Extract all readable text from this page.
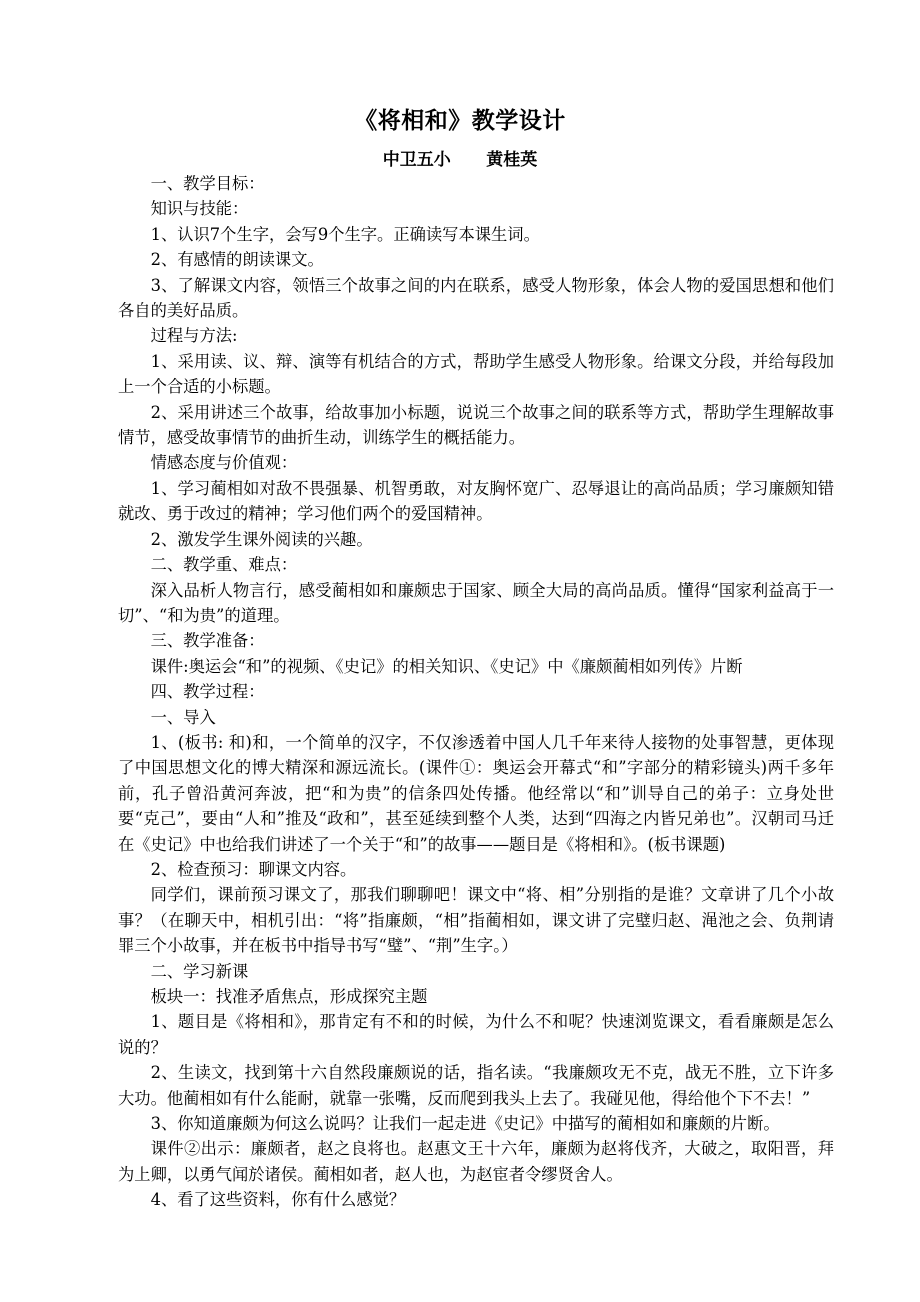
《将相和》教学设计
中卫五小      黄桂英

一、教学目标：

知识与技能：

1、认识7个生字，会写9个生字。正确读写本课生词。

2、有感情的朗读课文。

3、了解课文内容，领悟三个故事之间的内在联系，感受人物形象，体会人物的爱国思想和他们各自的美好品质。

过程与方法:

1、采用读、议、辩、演等有机结合的方式，帮助学生感受人物形象。给课文分段，并给每段加上一个合适的小标题。

2、采用讲述三个故事，给故事加小标题，说说三个故事之间的联系等方式，帮助学生理解故事情节，感受故事情节的曲折生动，训练学生的概括能力。

情感态度与价值观：

1、学习蔺相如对敌不畏强暴、机智勇敢，对友胸怀宽广、忍辱退让的高尚品质；学习廉颇知错就改、勇于改过的精神；学习他们两个的爱国精神。

2、激发学生课外阅读的兴趣。

二、教学重、难点：

深入品析人物言行，感受蔺相如和廉颇忠于国家、顾全大局的高尚品质。懂得“国家利益高于一切”、“和为贵”的道理。

三、教学准备：

课件:奥运会“和”的视频、《史记》的相关知识、《史记》中《廉颇蔺相如列传》片断

四、教学过程：

一、导入

1、(板书: 和)和，一个简单的汉字，不仅渗透着中国人几千年来待人接物的处事智慧，更体现了中国思想文化的博大精深和源远流长。(课件①：奥运会开幕式“和”字部分的精彩镜头)两千多年前，孔子曾沿黄河奔波，把“和为贵”的信条四处传播。他经常以“和”训导自己的弟子：立身处世要“克己”，要由“人和”推及“政和”，甚至延续到整个人类，达到“四海之内皆兄弟也”。汉朝司马迁在《史记》中也给我们讲述了一个关于“和”的故事——题目是《将相和》。(板书课题)

2、检查预习：聊课文内容。

同学们，课前预习课文了，那我们聊聊吧！课文中“将、相”分别指的是谁？文章讲了几个小故事？（在聊天中，相机引出：“将”指廉颇，“相”指蔺相如，课文讲了完璧归赵、渑池之会、负荆请罪三个小故事，并在板书中指导书写“璧”、“荆”生字。）

二、学习新课

板块一：找准矛盾焦点，形成探究主题

1、题目是《将相和》，那肯定有不和的时候，为什么不和呢？快速浏览课文，看看廉颇是怎么说的？

2、生读文，找到第十六自然段廉颇说的话，指名读。“我廉颇攻无不克，战无不胜，立下许多大功。他蔺相如有什么能耐，就靠一张嘴，反而爬到我头上去了。我碰见他，得给他个下不去！”

3、你知道廉颇为何这么说吗？让我们一起走进《史记》中描写的蔺相如和廉颇的片断。

课件②出示：廉颇者，赵之良将也。赵惠文王十六年，廉颇为赵将伐齐，大破之，取阳晋，拜为上卿，以勇气闻於诸侯。蔺相如者，赵人也，为赵宦者令缪贤舍人。

4、看了这些资料，你有什么感觉？
